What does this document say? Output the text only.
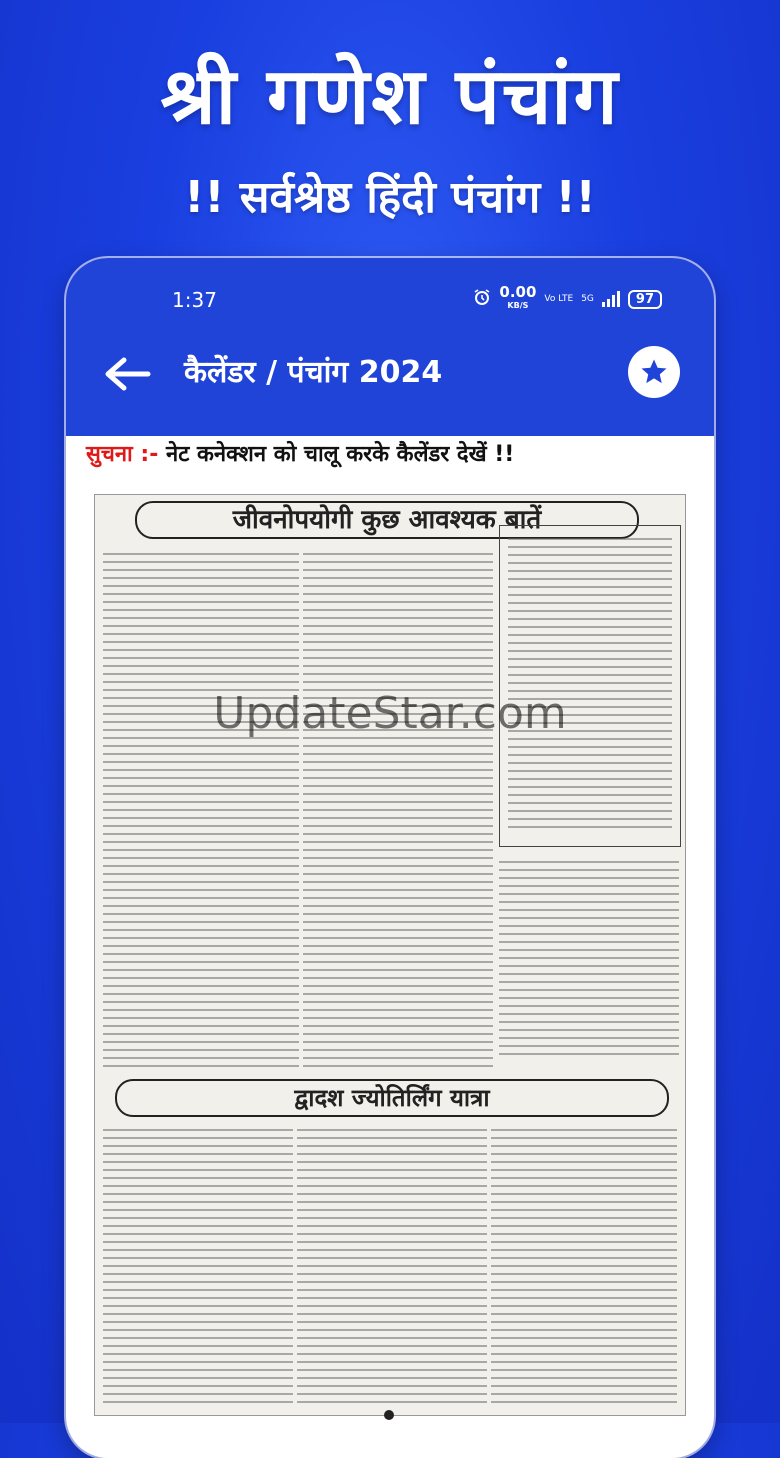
श्री गणेश पंचांग
!! सर्वश्रेष्ठ हिंदी पंचांग !!
1:37	0.00
KB/S
Vo LTE 5G	97
कैलेंडर / पंचांग 2024
सुचना :- नेट कनेक्शन को चालू करके कैलेंडर देखें !!
जीवनोपयोगी कुछ आवश्यक बातें
द्वादश ज्योतिर्लिंग यात्रा
UpdateStar.com
